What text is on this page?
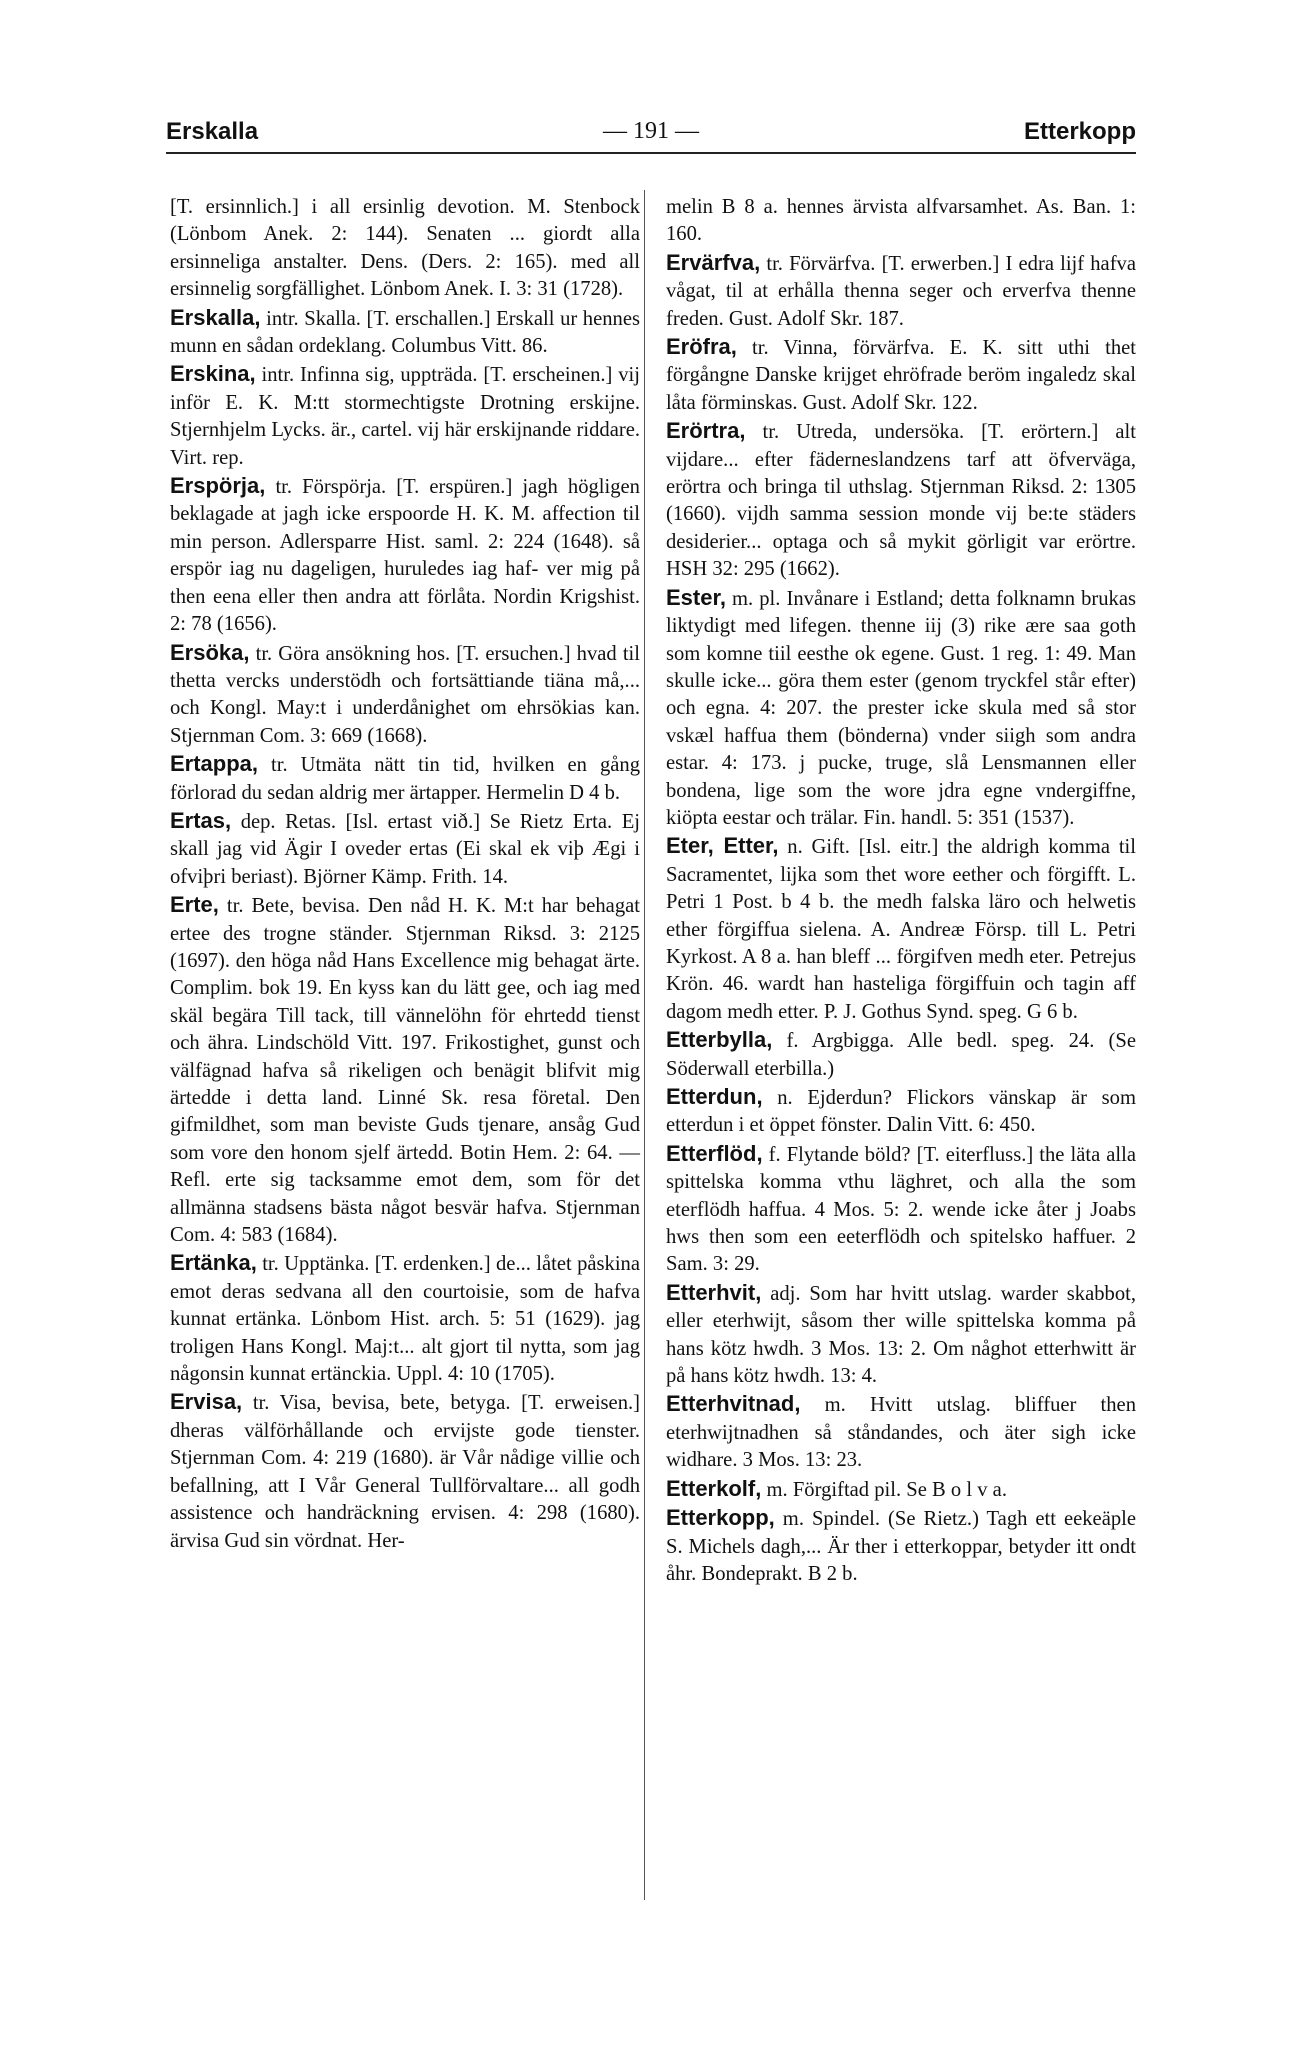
Erskalla	— 191 —	Etterkopp

[T. ersinnlich.] i all ersinlig devotion. M. Stenbock (Lönbom Anek. 2: 144). Senaten ... giordt alla ersinneliga anstalter. Dens. (Ders. 2: 165). med all ersinnelig sorgfällighet. Lönbom Anek. I. 3: 31 (1728).

Erskalla, intr. Skalla. [T. erschallen.] Erskall ur hennes munn en sådan ordeklang. Columbus Vitt. 86.

Erskina, intr. Infinna sig, uppträda. [T. erscheinen.] vij inför E. K. M:tt stormechtigste Drotning erskijne. Stjernhjelm Lycks. är., cartel. vij här erskijnande riddare. Virt. rep.

Erspörja, tr. Förspörja. [T. erspüren.] jagh högligen beklagade at jagh icke erspoorde H. K. M. affection til min person. Adlersparre Hist. saml. 2: 224 (1648). så erspör iag nu dageligen, huruledes iag haf- ver mig på then eena eller then andra att förlåta. Nordin Krigshist. 2: 78 (1656).

Ersöka, tr. Göra ansökning hos. [T. ersuchen.] hvad til thetta vercks understödh och fortsättiande tiäna må,... och Kongl. May:t i underdånighet om ehrsökias kan. Stjernman Com. 3: 669 (1668).

Ertappa, tr. Utmäta nätt tin tid, hvilken en gång förlorad du sedan aldrig mer ärtapper. Hermelin D 4 b.

Ertas, dep. Retas. [Isl. ertast við.] Se Rietz Erta. Ej skall jag vid Ägir I oveder ertas (Ei skal ek viþ Ægi i ofviþri beriast). Björner Kämp. Frith. 14.

Erte, tr. Bete, bevisa. Den nåd H. K. M:t har behagat ertee des trogne ständer. Stjernman Riksd. 3: 2125 (1697). den höga nåd Hans Excellence mig behagat ärte. Complim. bok 19. En kyss kan du lätt gee, och iag med skäl begära Till tack, till vännelöhn för ehrtedd tienst och ähra. Lindschöld Vitt. 197. Frikostighet, gunst och välfägnad hafva så rikeligen och benägit blifvit mig ärtedde i detta land. Linné Sk. resa företal. Den gifmildhet, som man beviste Guds tjenare, ansåg Gud som vore den honom sjelf ärtedd. Botin Hem. 2: 64. — Refl. erte sig tacksamme emot dem, som för det allmänna stadsens bästa något besvär hafva. Stjernman Com. 4: 583 (1684).

Ertänka, tr. Upptänka. [T. erdenken.] de... låtet påskina emot deras sedvana all den courtoisie, som de hafva kunnat ertänka. Lönbom Hist. arch. 5: 51 (1629). jag troligen Hans Kongl. Maj:t... alt gjort til nytta, som jag någonsin kunnat ertänckia. Uppl. 4: 10 (1705).

Ervisa, tr. Visa, bevisa, bete, betyga. [T. erweisen.] dheras välförhållande och ervijste gode tienster. Stjernman Com. 4: 219 (1680). är Vår nådige villie och befallning, att I Vår General Tullförvaltare... all godh assistence och handräckning ervisen. 4: 298 (1680). ärvisa Gud sin vördnat. Her-

melin B 8 a. hennes ärvista alfvarsamhet. As. Ban. 1: 160.

Ervärfva, tr. Förvärfva. [T. erwerben.] I edra lijf hafva vågat, til at erhålla thenna seger och erverfva thenne freden. Gust. Adolf Skr. 187.

Eröfra, tr. Vinna, förvärfva. E. K. sitt uthi thet förgångne Danske krijget ehröfrade beröm ingaledz skal låta förminskas. Gust. Adolf Skr. 122.

Erörtra, tr. Utreda, undersöka. [T. erörtern.] alt vijdare... efter fäderneslandzens tarf att öfverväga, erörtra och bringa til uthslag. Stjernman Riksd. 2: 1305 (1660). vijdh samma session monde vij be:te städers desiderier... optaga och så mykit görligit var erörtre. HSH 32: 295 (1662).

Ester, m. pl. Invånare i Estland; detta folknamn brukas liktydigt med lifegen. thenne iij (3) rike ære saa goth som komne tiil eesthe ok egene. Gust. 1 reg. 1: 49. Man skulle icke... göra them ester (genom tryckfel står efter) och egna. 4: 207. the prester icke skula med så stor vskæl haffua them (bönderna) vnder siigh som andra estar. 4: 173. j pucke, truge, slå Lensmannen eller bondena, lige som the wore jdra egne vndergiffne, kiöpta eestar och trälar. Fin. handl. 5: 351 (1537).

Eter, Etter, n. Gift. [Isl. eitr.] the aldrigh komma til Sacramentet, lijka som thet wore eether och förgifft. L. Petri 1 Post. b 4 b. the medh falska läro och helwetis ether förgiffua sielena. A. Andreæ Försp. till L. Petri Kyrkost. A 8 a. han bleff ... förgifven medh eter. Petrejus Krön. 46. wardt han hasteliga förgiffuin och tagin aff dagom medh etter. P. J. Gothus Synd. speg. G 6 b.

Etterbylla, f. Argbigga. Alle bedl. speg. 24. (Se Söderwall eterbilla.)

Etterdun, n. Ejderdun? Flickors vänskap är som etterdun i et öppet fönster. Dalin Vitt. 6: 450.

Etterflöd, f. Flytande böld? [T. eiterfluss.] the läta alla spittelska komma vthu läghret, och alla the som eterflödh haffua. 4 Mos. 5: 2. wende icke åter j Joabs hws then som een eeterflödh och spitelsko haffuer. 2 Sam. 3: 29.

Etterhvit, adj. Som har hvitt utslag. warder skabbot, eller eterhwijt, såsom ther wille spittelska komma på hans kötz hwdh. 3 Mos. 13: 2. Om någhot etterhwitt är på hans kötz hwdh. 13: 4.

Etterhvitnad, m. Hvitt utslag. bliffuer then eterhwijtnadhen så ståndandes, och äter sigh icke widhare. 3 Mos. 13: 23.

Etterkolf, m. Förgiftad pil. Se B o l v a.

Etterkopp, m. Spindel. (Se Rietz.) Tagh ett eekeäple S. Michels dagh,... Är ther i etterkoppar, betyder itt ondt åhr. Bondeprakt. B 2 b.
